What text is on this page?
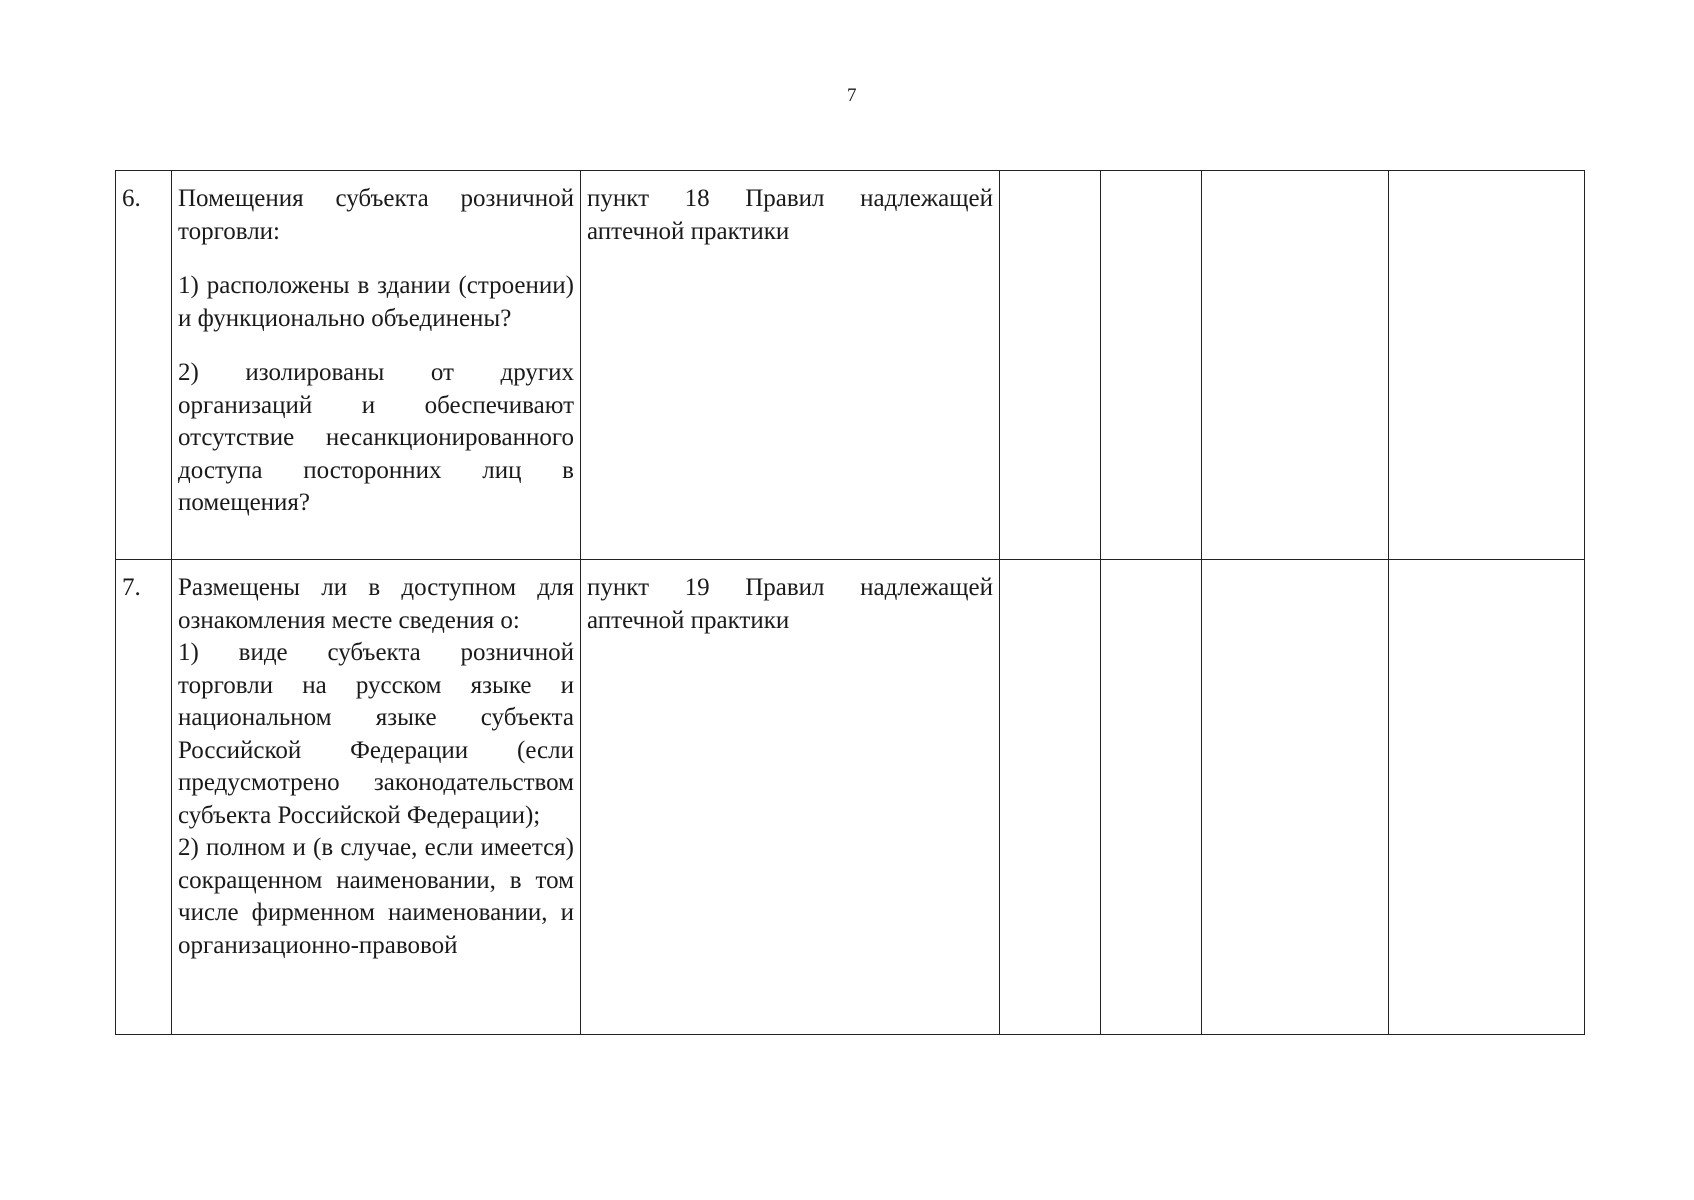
7
6.	Помещения субъекта розничной торговли:
1) расположены в здании (строении) и функционально объединены?
2) изолированы от других организаций и обеспечивают отсутствие несанкционированного доступа посторонних лиц в помещения?	пункт 18 Правил надлежащей аптечной практики				

7.	Размещены ли в доступном для ознакомления месте сведения о:
1) виде субъекта розничной торговли на русском языке и национальном языке субъекта Российской Федерации (если предусмотрено законодательством субъекта Российской Федерации);
2) полном и (в случае, если имеется) сокращенном наименовании, в том числе фирменном наименовании, и организационно-правовой	пункт 19 Правил надлежащей аптечной практики				
